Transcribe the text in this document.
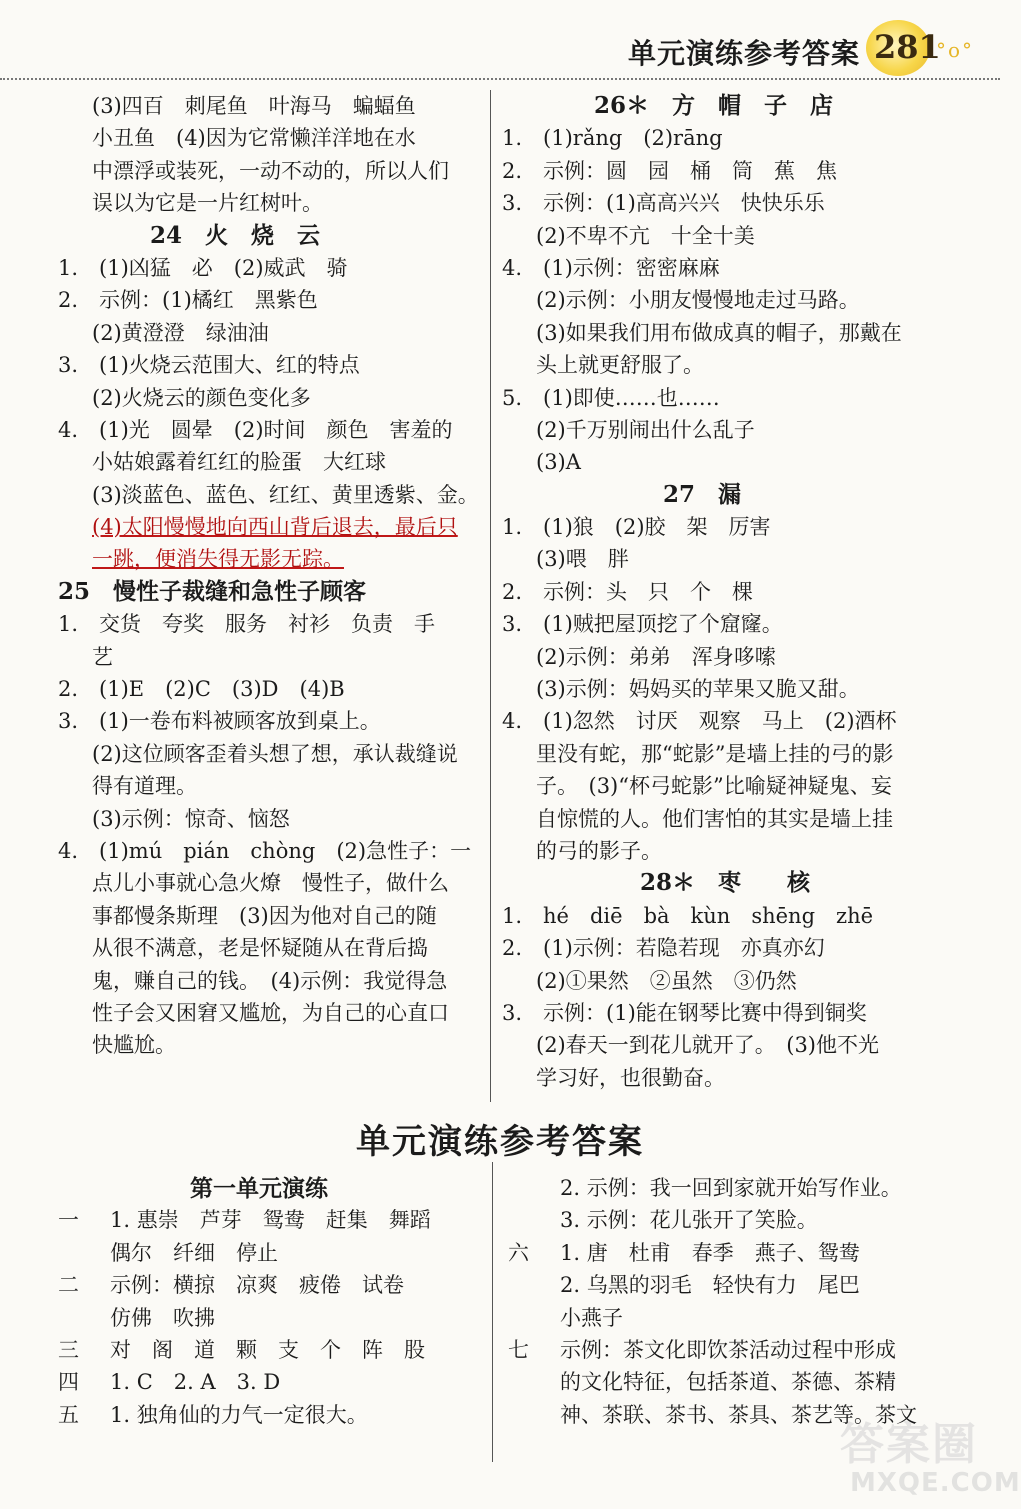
单元演练参考答案 281
°o°
(3)四百　刺尾鱼　叶海马　蝙蝠鱼
小丑鱼　(4)因为它常懒洋洋地在水
中漂浮或装死，一动不动的，所以人们
误以为它是一片红树叶。
　　　　24　火　烧　云
1.　(1)凶猛　必　(2)威武　骑
2.　示例：(1)橘红　黑紫色
(2)黄澄澄　绿油油
3.　(1)火烧云范围大、红的特点
(2)火烧云的颜色变化多
4.　(1)光　圆晕　(2)时间　颜色　害羞的
小姑娘露着红红的脸蛋　大红球
(3)淡蓝色、蓝色、红红、黄里透紫、金。
(4)太阳慢慢地向西山背后退去，最后只
一跳，便消失得无影无踪。
25　慢性子裁缝和急性子顾客
1.　交货　夸奖　服务　衬衫　负责　手
艺
2.　(1)E　(2)C　(3)D　(4)B
3.　(1)一卷布料被顾客放到桌上。
(2)这位顾客歪着头想了想，承认裁缝说
得有道理。
(3)示例：惊奇、恼怒
4.　(1)mú　pián　chòng　(2)急性子：一
点儿小事就心急火燎　慢性子，做什么
事都慢条斯理　(3)因为他对自己的随
从很不满意，老是怀疑随从在背后捣
鬼，赚自己的钱。　(4)示例：我觉得急
性子会又困窘又尴尬，为自己的心直口
快尴尬。
　　　　26＊　方　帽　子　店
1.　(1)rǎng　(2)rāng
2.　示例：圆　园　桶　筒　蕉　焦
3.　示例：(1)高高兴兴　快快乐乐
(2)不卑不亢　十全十美
4.　(1)示例：密密麻麻
(2)示例：小朋友慢慢地走过马路。
(3)如果我们用布做成真的帽子，那戴在
头上就更舒服了。
5.　(1)即使……也……
(2)千万别闹出什么乱子
(3)A
　　　　　　　27　漏
1.　(1)狼　(2)胶　架　厉害
(3)喂　胖
2.　示例：头　只　个　棵
3.　(1)贼把屋顶挖了个窟窿。
(2)示例：弟弟　浑身哆嗦
(3)示例：妈妈买的苹果又脆又甜。
4.　(1)忽然　讨厌　观察　马上　(2)酒杯
里没有蛇，那“蛇影”是墙上挂的弓的影
子。　(3)“杯弓蛇影”比喻疑神疑鬼、妄
自惊慌的人。他们害怕的其实是墙上挂
的弓的影子。
　　　　　　28＊　枣　　核
1.　hé　diē　bà　kùn　shēng　zhē
2.　(1)示例：若隐若现　亦真亦幻
(2)①果然　②虽然　③仍然
3.　示例：(1)能在钢琴比赛中得到铜奖
(2)春天一到花儿就开了。　(3)他不光
学习好，也很勤奋。
单元演练参考答案
第一单元演练
一 1. 惠崇　芦芽　鸳鸯　赶集　舞蹈
偶尔　纤细　停止
二 示例：横掠　凉爽　疲倦　试卷
仿佛　吹拂
三 对　阁　道　颗　支　个　阵　股
四 1. C　2. A　3. D
五 1. 独角仙的力气一定很大。
2. 示例：我一回到家就开始写作业。
3. 示例：花儿张开了笑脸。
六 1. 唐　杜甫　春季　燕子、鸳鸯
2. 乌黑的羽毛　轻快有力　尾巴
小燕子
七 示例：茶文化即饮茶活动过程中形成
的文化特征，包括茶道、茶德、茶精
神、茶联、茶书、茶具、茶艺等。茶文
答案圈
MXQE.COM
